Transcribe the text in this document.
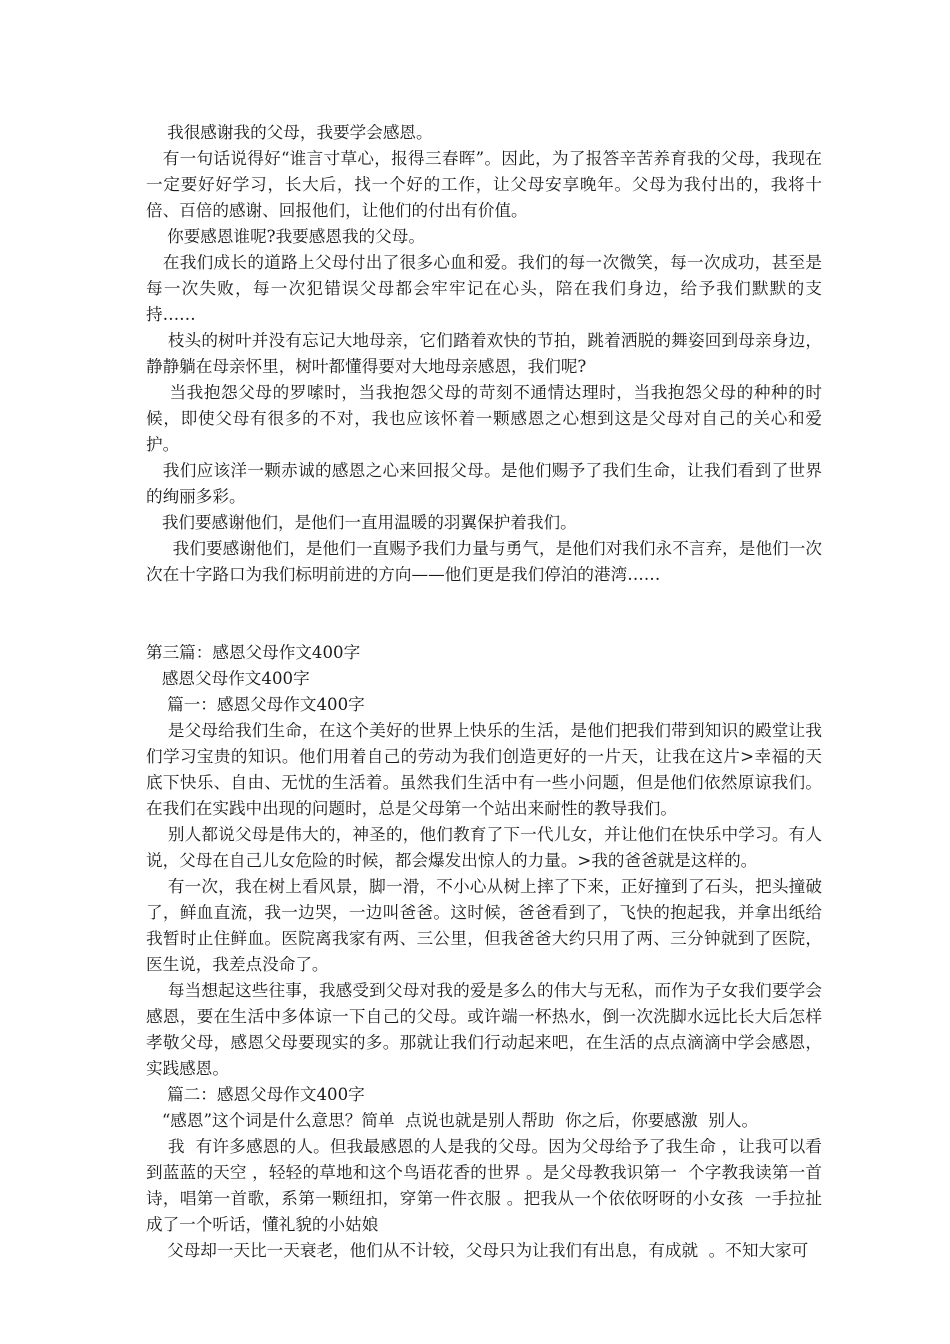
我很感谢我的父母，我要学会感恩。

有一句话说得好“谁言寸草心，报得三春晖”。因此，为了报答辛苦养育我的父母，我现在一定要好好学习，长大后，找一个好的工作，让父母安享晚年。父母为我付出的，我将十倍、百倍的感谢、回报他们，让他们的付出有价值。

你要感恩谁呢?我要感恩我的父母。

在我们成长的道路上父母付出了很多心血和爱。我们的每一次微笑，每一次成功，甚至是每一次失败，每一次犯错误父母都会牢牢记在心头，陪在我们身边，给予我们默默的支持……

枝头的树叶并没有忘记大地母亲，它们踏着欢快的节拍，跳着洒脱的舞姿回到母亲身边，静静躺在母亲怀里，树叶都懂得要对大地母亲感恩，我们呢?

当我抱怨父母的罗嗦时，当我抱怨父母的苛刻不通情达理时，当我抱怨父母的种种的时候，即使父母有很多的不对，我也应该怀着一颗感恩之心想到这是父母对自己的关心和爱护。

我们应该洋一颗赤诚的感恩之心来回报父母。是他们赐予了我们生命，让我们看到了世界的绚丽多彩。

我们要感谢他们，是他们一直用温暖的羽翼保护着我们。

我们要感谢他们，是他们一直赐予我们力量与勇气，是他们对我们永不言弃，是他们一次次在十字路口为我们标明前进的方向——他们更是我们停泊的港湾……

第三篇：感恩父母作文400字

感恩父母作文400字

篇一：感恩父母作文400字

是父母给我们生命，在这个美好的世界上快乐的生活，是他们把我们带到知识的殿堂让我们学习宝贵的知识。他们用着自己的劳动为我们创造更好的一片天，让我在这片>幸福的天底下快乐、自由、无忧的生活着。虽然我们生活中有一些小问题，但是他们依然原谅我们。在我们在实践中出现的问题时，总是父母第一个站出来耐性的教导我们。

别人都说父母是伟大的，神圣的，他们教育了下一代儿女，并让他们在快乐中学习。有人说，父母在自己儿女危险的时候，都会爆发出惊人的力量。>我的爸爸就是这样的。

有一次，我在树上看风景，脚一滑，不小心从树上摔了下来，正好撞到了石头，把头撞破了，鲜血直流，我一边哭，一边叫爸爸。这时候，爸爸看到了，飞快的抱起我，并拿出纸给我暂时止住鲜血。医院离我家有两、三公里，但我爸爸大约只用了两、三分钟就到了医院，医生说，我差点没命了。

每当想起这些往事，我感受到父母对我的爱是多么的伟大与无私，而作为子女我们要学会感恩，要在生活中多体谅一下自己的父母。或许端一杯热水，倒一次洗脚水远比长大后怎样孝敬父母，感恩父母要现实的多。那就让我们行动起来吧，在生活的点点滴滴中学会感恩，实践感恩。

篇二：感恩父母作文400字

“感恩”这个词是什么意思？简单  点说也就是别人帮助  你之后，你要感激  别人。

我  有许多感恩的人。但我最感恩的人是我的父母。因为父母给予了我生命 ，让我可以看到蓝蓝的天空 ，轻轻的草地和这个鸟语花香的世界 。是父母教我识第一  个字教我读第一首诗，唱第一首歌，系第一颗纽扣，穿第一件衣服 。把我从一个依依呀呀的小女孩  一手拉扯成了一个听话，懂礼貌的小姑娘

父母却一天比一天衰老，他们从不计较，父母只为让我们有出息，有成就  。不知大家可
